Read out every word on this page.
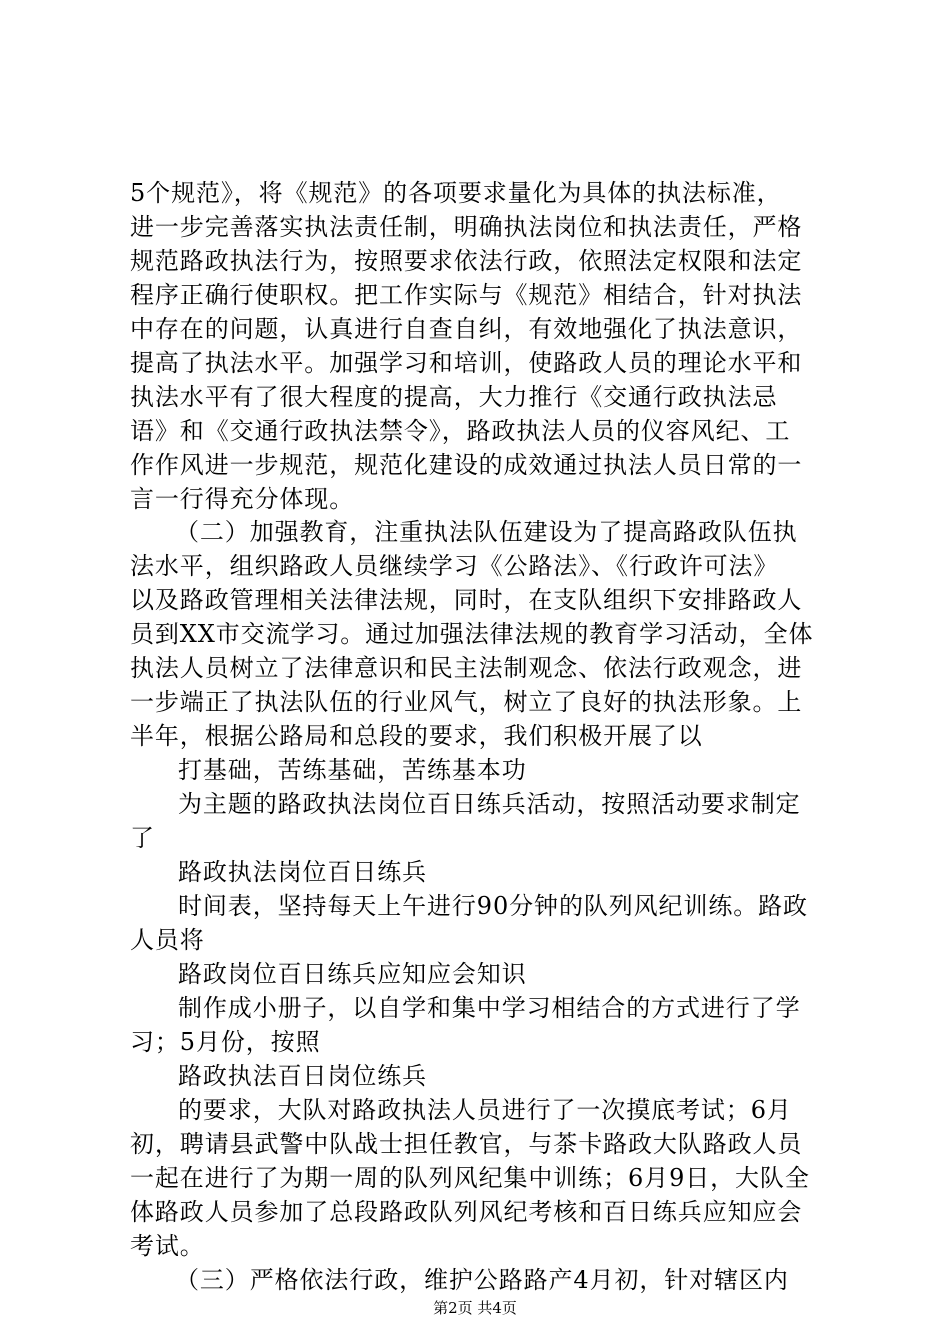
5个规范》，将《规范》的各项要求量化为具体的执法标准，
进一步完善落实执法责任制，明确执法岗位和执法责任，严格
规范路政执法行为，按照要求依法行政，依照法定权限和法定
程序正确行使职权。把工作实际与《规范》相结合，针对执法
中存在的问题，认真进行自查自纠，有效地强化了执法意识，
提高了执法水平。加强学习和培训，使路政人员的理论水平和
执法水平有了很大程度的提高，大力推行《交通行政执法忌
语》和《交通行政执法禁令》，路政执法人员的仪容风纪、工
作作风进一步规范，规范化建设的成效通过执法人员日常的一
言一行得充分体现。
（二）加强教育，注重执法队伍建设为了提高路政队伍执
法水平，组织路政人员继续学习《公路法》、《行政许可法》
以及路政管理相关法律法规，同时，在支队组织下安排路政人
员到XX市交流学习。通过加强法律法规的教育学习活动，全体
执法人员树立了法律意识和民主法制观念、依法行政观念，进
一步端正了执法队伍的行业风气，树立了良好的执法形象。上
半年，根据公路局和总段的要求，我们积极开展了以
打基础，苦练基础，苦练基本功
为主题的路政执法岗位百日练兵活动，按照活动要求制定
了
路政执法岗位百日练兵
时间表，坚持每天上午进行90分钟的队列风纪训练。路政
人员将
路政岗位百日练兵应知应会知识
制作成小册子，以自学和集中学习相结合的方式进行了学
习；5月份，按照
路政执法百日岗位练兵
的要求，大队对路政执法人员进行了一次摸底考试；6月
初，聘请县武警中队战士担任教官，与茶卡路政大队路政人员
一起在进行了为期一周的队列风纪集中训练；6月9日，大队全
体路政人员参加了总段路政队列风纪考核和百日练兵应知应会
考试。
（三）严格依法行政，维护公路路产4月初，针对辖区内
第2页 共4页
